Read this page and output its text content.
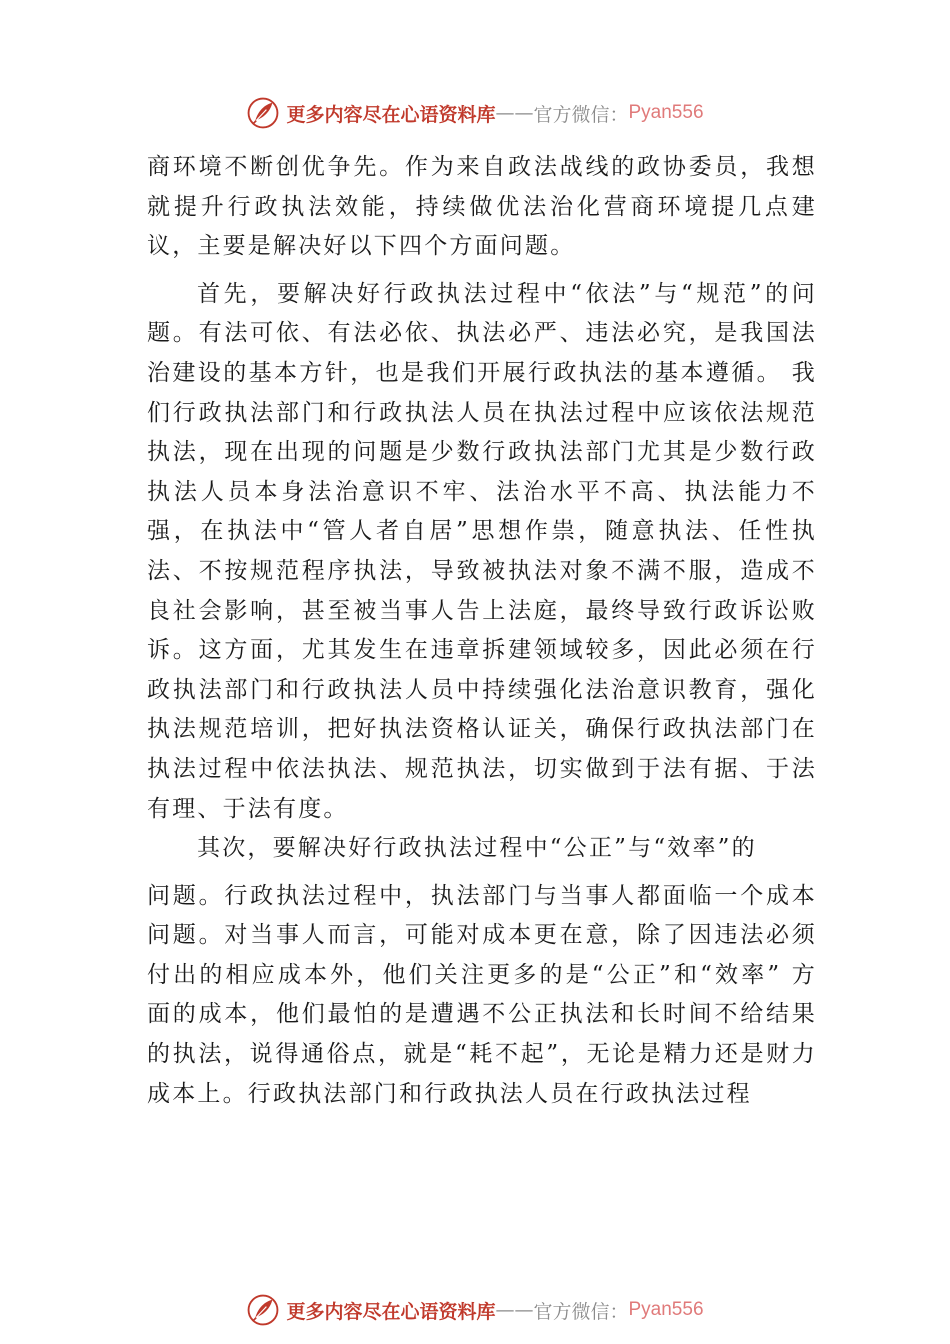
更多内容尽在心语资料库 —— 官方微信： Pyan556

商环境不断创优争先。作为来自政法战线的政协委员，我想就提升行政执法效能，持续做优法治化营商环境提几点建议，主要是解决好以下四个方面问题。

首先，要解决好行政执法过程中“依法”与“规范”的问题。有法可依、有法必依、执法必严、违法必究，是我国法治建设的基本方针，也是我们开展行政执法的基本遵循。 我们行政执法部门和行政执法人员在执法过程中应该依法规范执法，现在出现的问题是少数行政执法部门尤其是少数行政执法人员本身法治意识不牢、法治水平不高、执法能力不强，在执法中“管人者自居”思想作祟，随意执法、任性执法、不按规范程序执法，导致被执法对象不满不服，造成不良社会影响，甚至被当事人告上法庭，最终导致行政诉讼败诉。这方面，尤其发生在违章拆建领域较多，因此必须在行政执法部门和行政执法人员中持续强化法治意识教育，强化执法规范培训，把好执法资格认证关，确保行政执法部门在执法过程中依法执法、规范执法，切实做到于法有据、于法有理、于法有度。

其次，要解决好行政执法过程中“公正”与“效率”的

问题。行政执法过程中，执法部门与当事人都面临一个成本问题。对当事人而言，可能对成本更在意，除了因违法必须付出的相应成本外，他们关注更多的是“公正”和“效率” 方面的成本，他们最怕的是遭遇不公正执法和长时间不给结果的执法，说得通俗点，就是“耗不起”，无论是精力还是财力成本上。行政执法部门和行政执法人员在行政执法过程

更多内容尽在心语资料库 —— 官方微信： Pyan556
